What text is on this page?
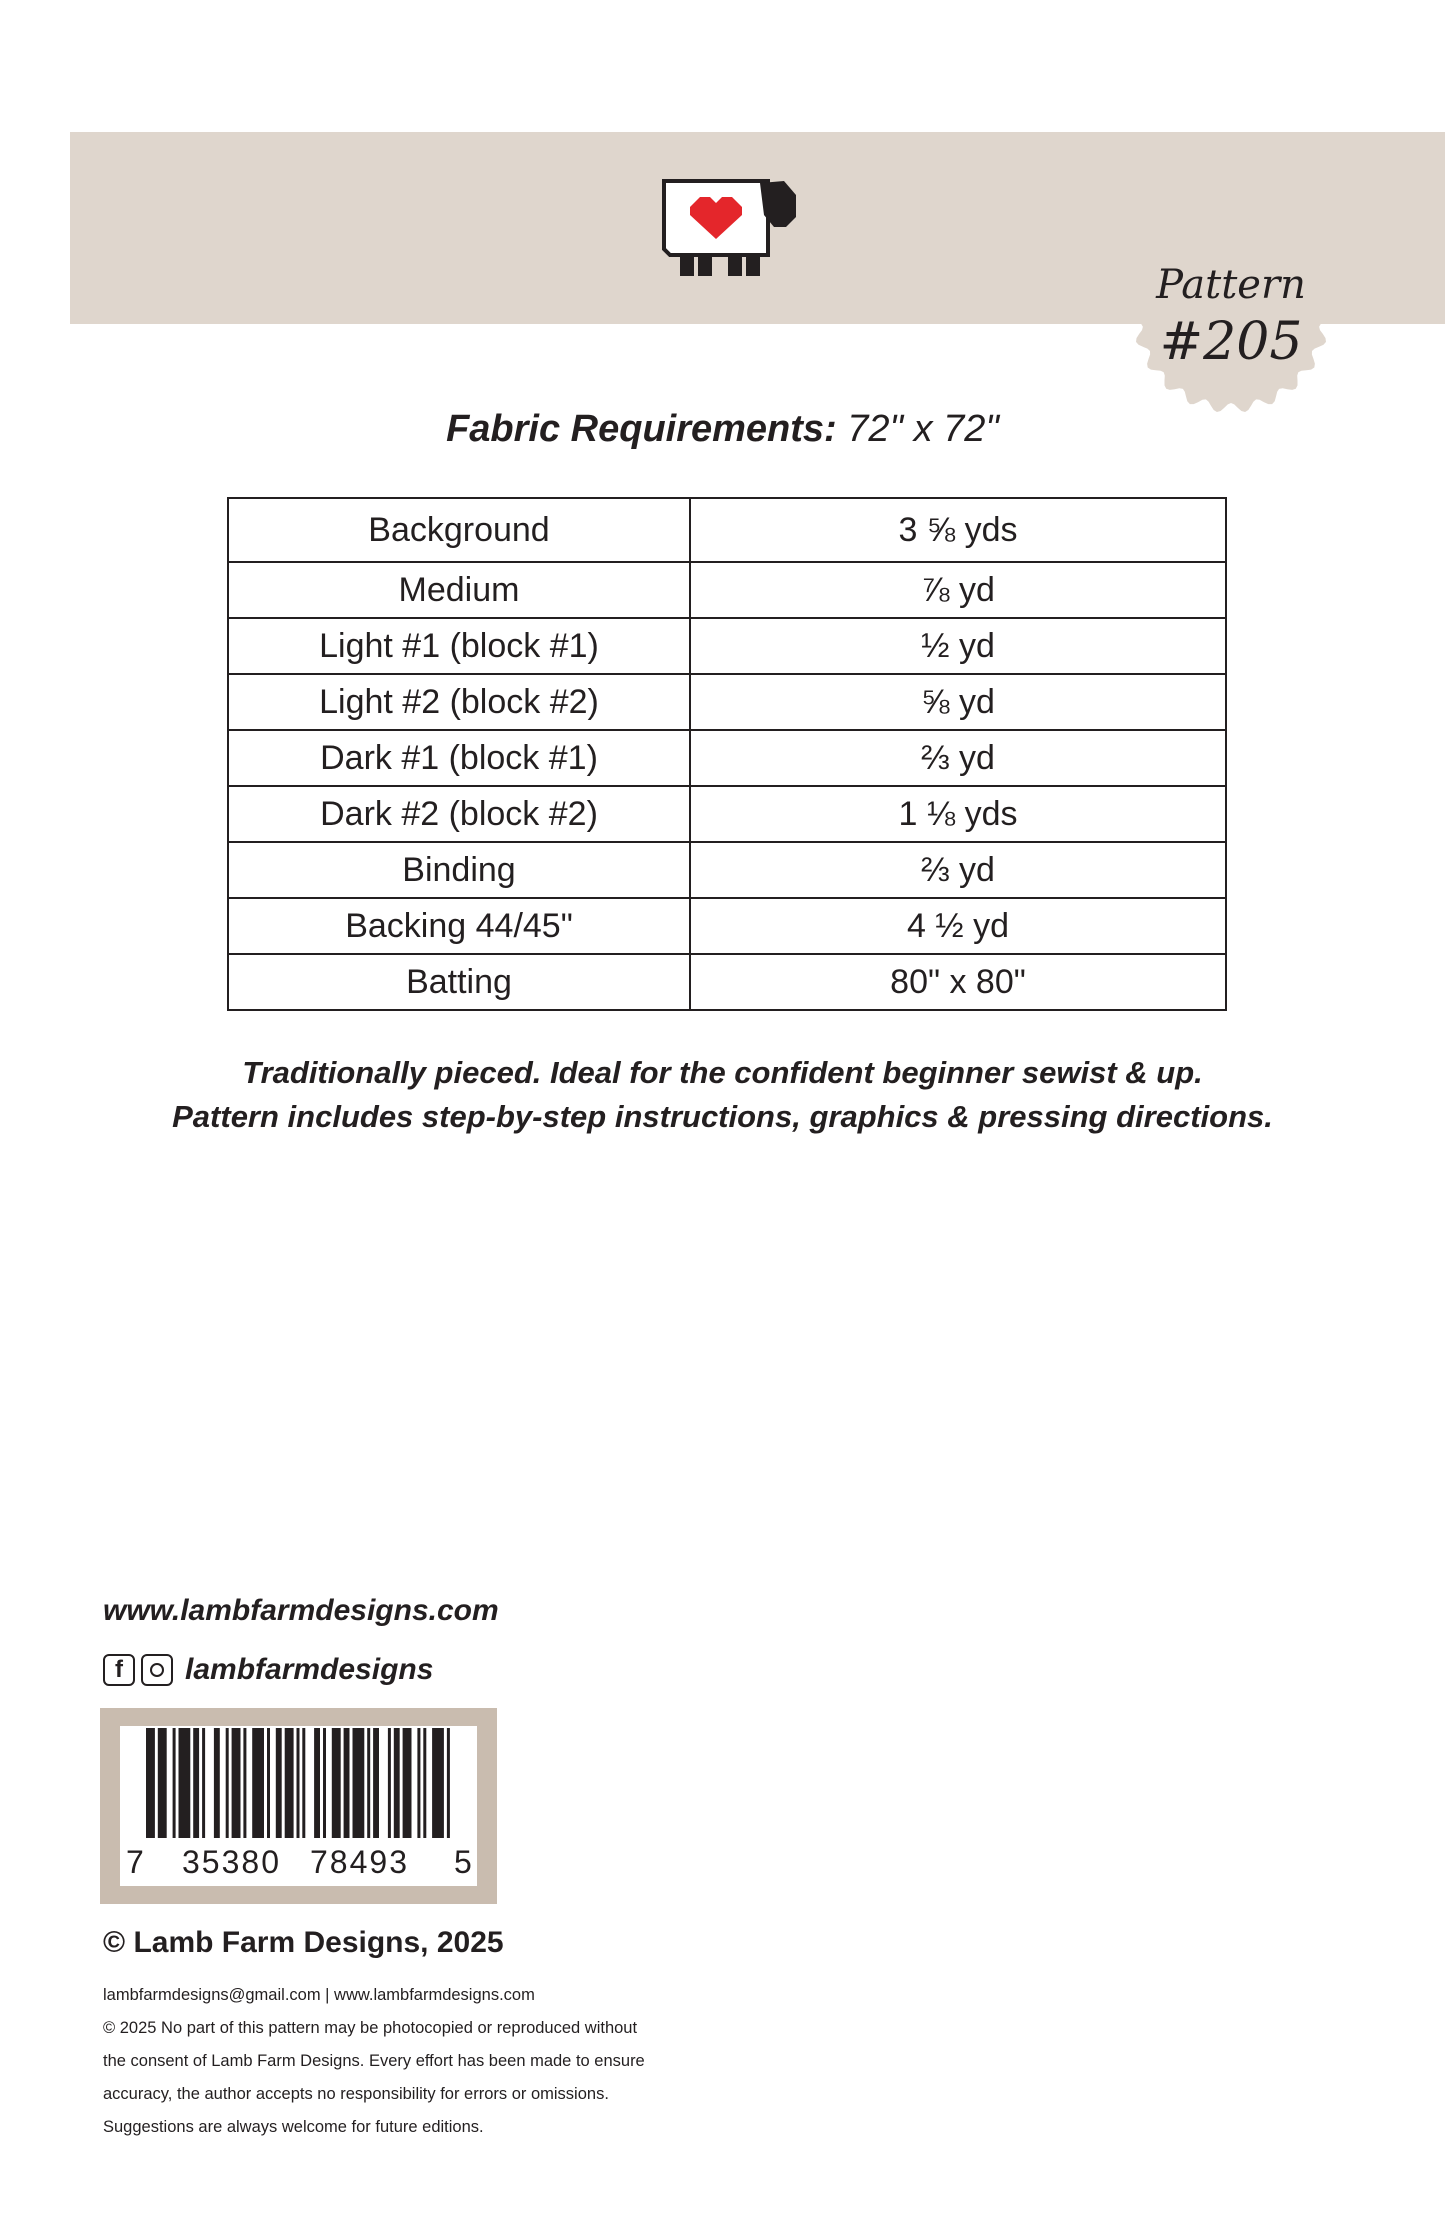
Pattern
#205
Fabric Requirements: 72" x 72"
Background	3 ⅝ yds
Medium	⅞ yd
Light #1 (block #1)	½ yd
Light #2 (block #2)	⅝ yd
Dark #1 (block #1)	⅔ yd
Dark #2 (block #2)	1 ⅛ yds
Binding	⅔ yd
Backing 44/45"	4 ½ yd
Batting	80" x 80"
Traditionally pieced. Ideal for the confident beginner sewist & up.
Pattern includes step-by-step instructions, graphics & pressing directions.
www.lambfarmdesigns.com
f	lambfarmdesigns
7 35380 78493 5
© Lamb Farm Designs, 2025
lambfarmdesigns@gmail.com | www.lambfarmdesigns.com
© 2025 No part of this pattern may be photocopied or reproduced without
the consent of Lamb Farm Designs. Every effort has been made to ensure
accuracy, the author accepts no responsibility for errors or omissions.
Suggestions are always welcome for future editions.
